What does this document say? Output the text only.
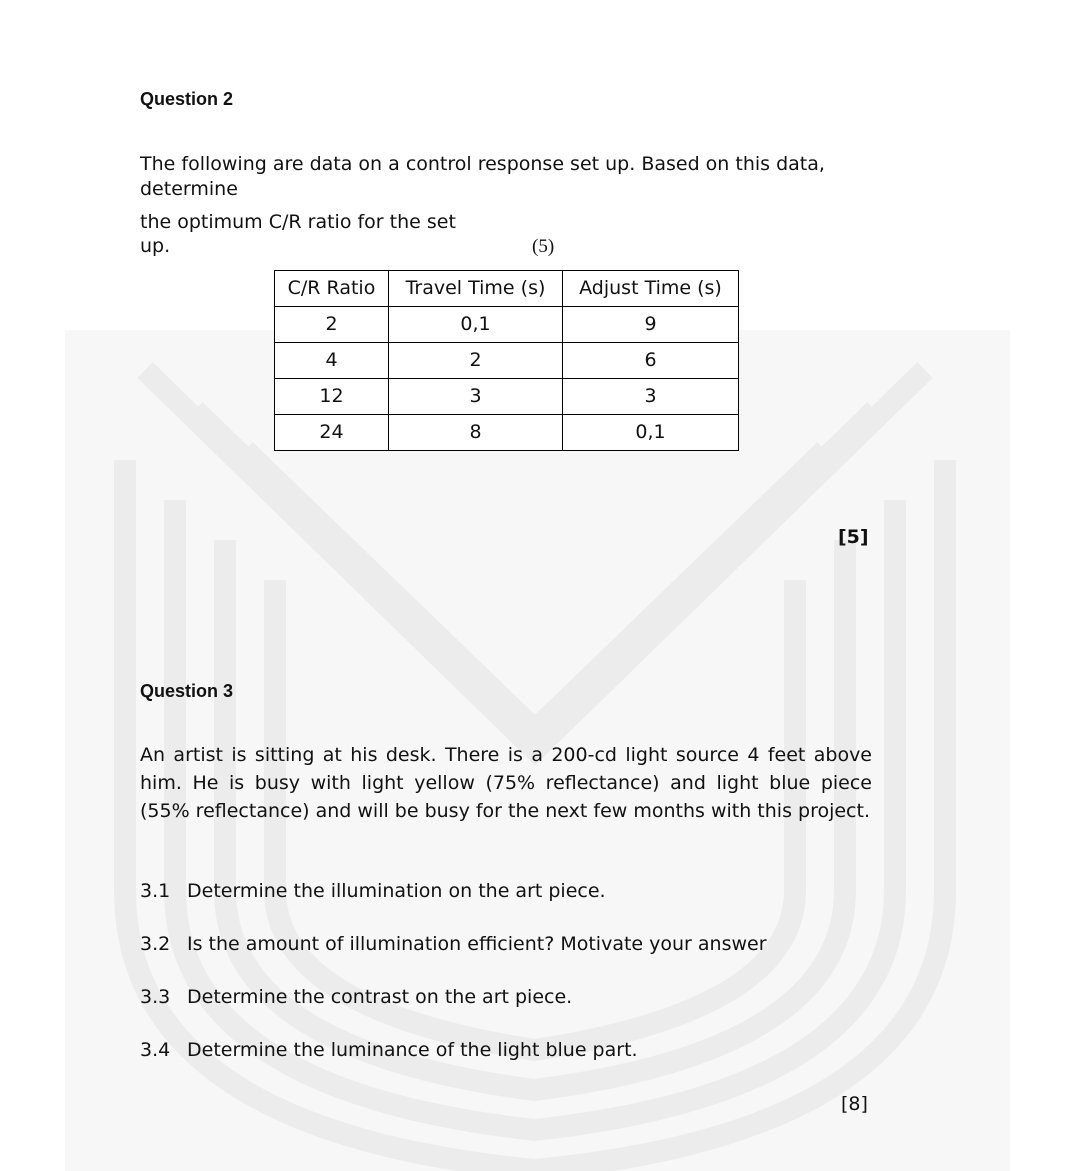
Question 2
The following are data on a control response set up. Based on this data,
determine
the optimum C/R ratio for the set
up.	(5)
C/R Ratio	Travel Time (s)	Adjust Time (s)
2	0,1	9
4	2	6
12	3	3
24	8	0,1
[5]
Question 3
An artist is sitting at his desk. There is a 200-cd light source 4 feet above him. He is busy with light yellow (75% reflectance) and light blue piece (55% reflectance) and will be busy for the next few months with this project.
3.1 Determine the illumination on the art piece.
3.2 Is the amount of illumination efficient? Motivate your answer
3.3 Determine the contrast on the art piece.
3.4 Determine the luminance of the light blue part.
[8]
